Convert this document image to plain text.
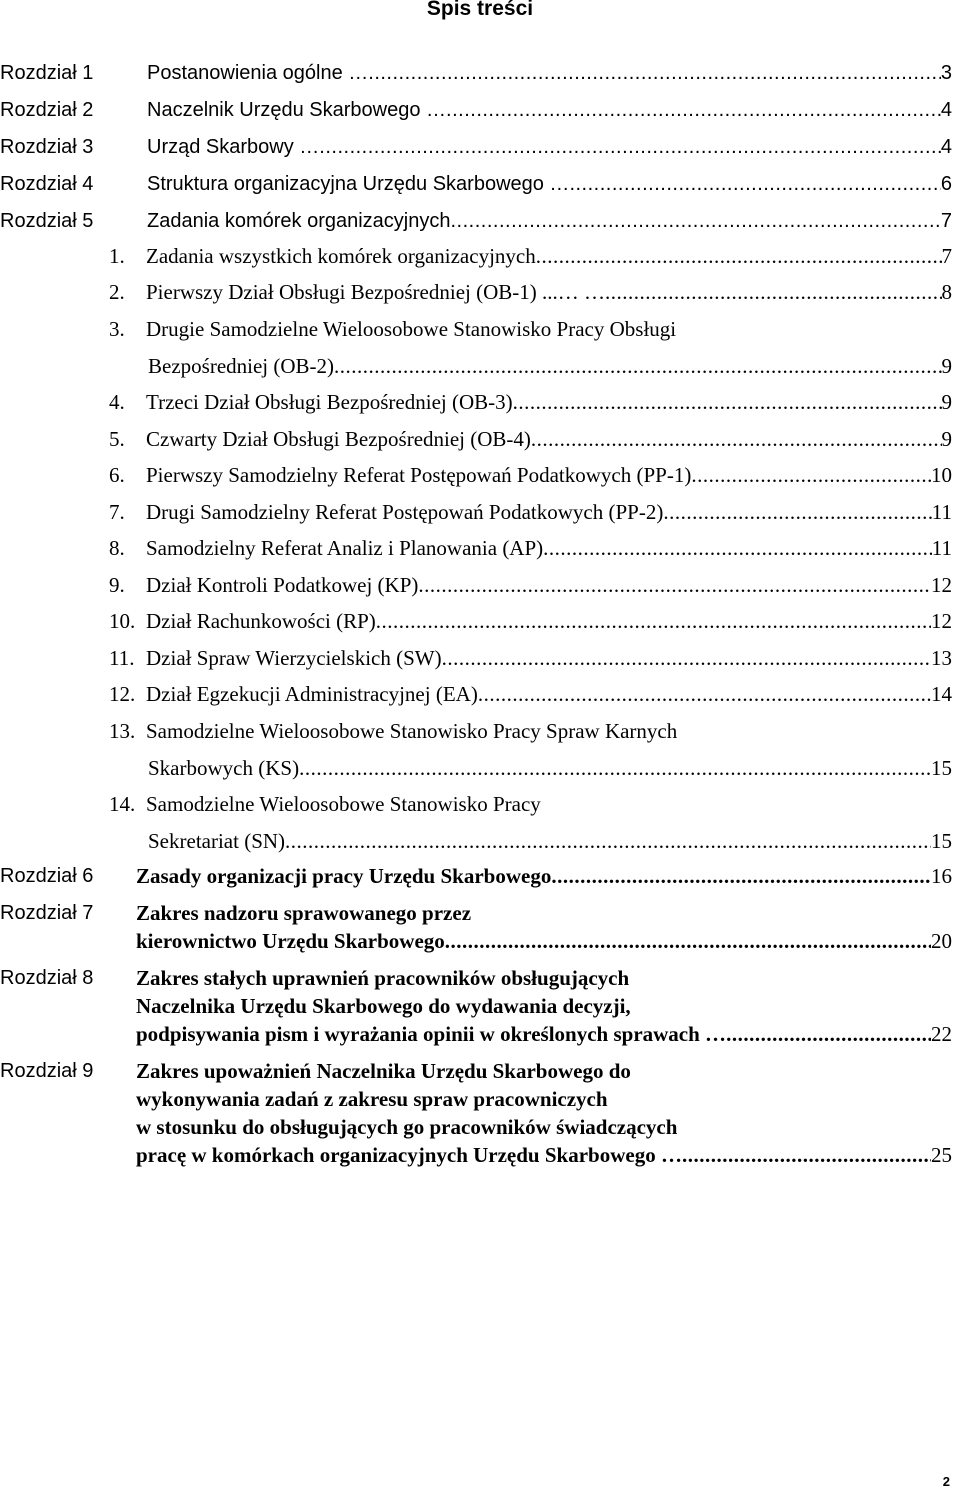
Spis treści
Rozdział 1	Postanowienia ogólne … .....	3
Rozdział 2	Naczelnik Urzędu Skarbowego … .....	4
Rozdział 3	Urząd Skarbowy … .....	4
Rozdział 4	Struktura organizacyjna Urzędu Skarbowego … .....	6
Rozdział 5	Zadania komórek organizacyjnych .....	7
1. Zadania wszystkich komórek organizacyjnych .....	7
2. Pierwszy Dział Obsługi Bezpośredniej (OB-1) ...… … .....	8
3. Drugie Samodzielne Wieloosobowe Stanowisko Pracy Obsługi
Bezpośredniej (OB-2) .....	9
4. Trzeci Dział Obsługi Bezpośredniej (OB-3) .....	9
5. Czwarty Dział Obsługi Bezpośredniej (OB-4) .....	9
6. Pierwszy Samodzielny Referat Postępowań Podatkowych (PP-1) .....	10
7. Drugi Samodzielny Referat Postępowań Podatkowych (PP-2) .....	11
8. Samodzielny Referat Analiz i Planowania (AP) .....	11
9. Dział Kontroli Podatkowej (KP) .....	12
10. Dział Rachunkowości (RP) .....	12
11. Dział Spraw Wierzycielskich (SW) .....	13
12. Dział Egzekucji Administracyjnej (EA) .....	14
13. Samodzielne Wieloosobowe Stanowisko Pracy Spraw Karnych
Skarbowych (KS) .....	15
14. Samodzielne Wieloosobowe Stanowisko Pracy
Sekretariat (SN) .....	15
Rozdział 6 Zasady organizacji pracy Urzędu Skarbowego .....	16
Rozdział 7 Zakres nadzoru sprawowanego przez
kierownictwo Urzędu Skarbowego .....	20
Rozdział 8 Zakres stałych uprawnień pracowników obsługujących
Naczelnika Urzędu Skarbowego do wydawania decyzji,
podpisywania pism i wyrażania opinii w określonych sprawach … .....	22
Rozdział 9 Zakres upoważnień Naczelnika Urzędu Skarbowego do
wykonywania zadań z zakresu spraw pracowniczych
w stosunku do obsługujących go pracowników świadczących
pracę w komórkach organizacyjnych Urzędu Skarbowego … .....	25
2
